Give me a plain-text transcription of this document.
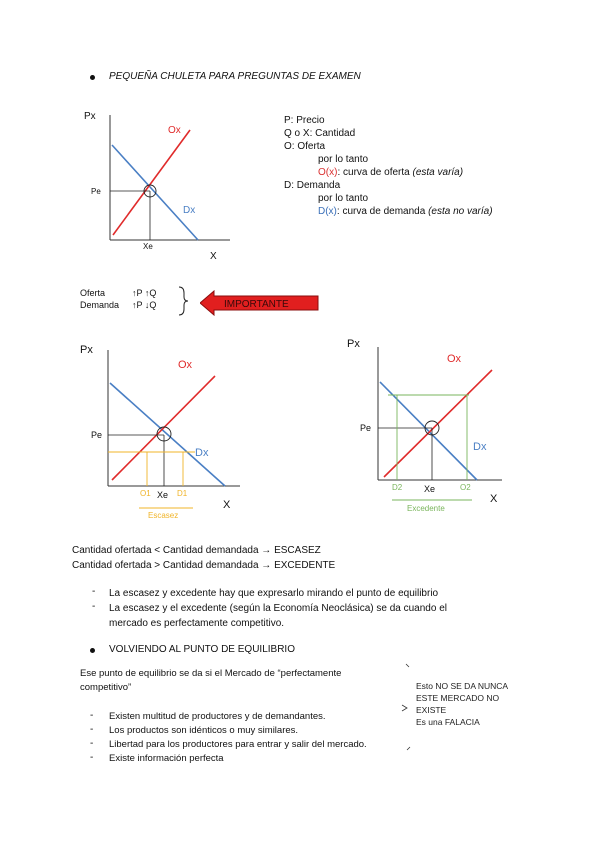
PEQUEÑA CHULETA PARA PREGUNTAS DE EXAMEN
Px
X
Ox
Dx
Pe
Xe
P: Precio
Q o X: Cantidad
O: Oferta
por lo tanto
O(x): curva de oferta (esta varía)
D: Demanda
por lo tanto
D(x): curva de demanda (esta no varía)
Oferta	↑P ↑Q
Demanda ↑P ↓Q	IMPORTANTE
Px
X
Ox
Dx
Pe
Xe
O1	D1
Escasez
Px
X
Ox
Dx
Pe
Xe
D2	O2
Excedente
Cantidad ofertada < Cantidad demandada → ESCASEZ
Cantidad ofertada > Cantidad demandada → EXCEDENTE
- La escasez y excedente hay que expresarlo mirando el punto de equilibrio
- La escasez y el excedente (según la Economía Neoclásica) se da cuando el
mercado es perfectamente competitivo.
VOLVIENDO AL PUNTO DE EQUILIBRIO
Ese punto de equilibrio se da si el Mercado de “perfectamente
competitivo”
- Existen multitud de productores y de demandantes.
- Los productos son idénticos o muy similares.
- Libertad para los productores para entrar y salir del mercado.
- Existe información perfecta
Esto NO SE DA NUNCA
ESTE MERCADO NO
EXISTE
Es una FALACIA
